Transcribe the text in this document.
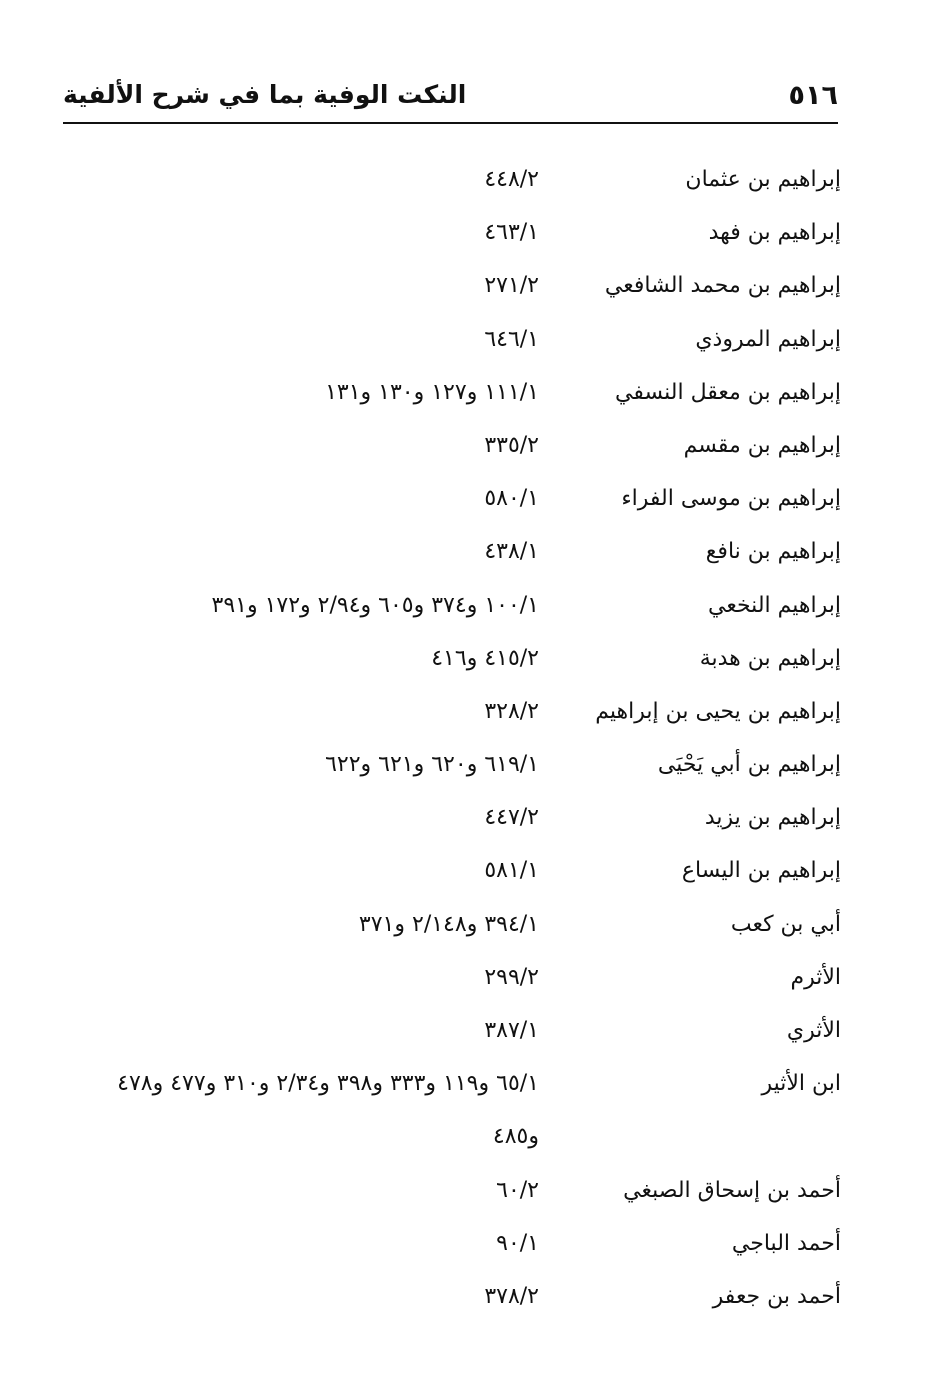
٥١٦
النكت الوفية بما في شرح الألفية
إبراهيم بن عثمان
٤٤٨/٢
إبراهيم بن فهد
٤٦٣/١
إبراهيم بن محمد الشافعي
٢٧١/٢
إبراهيم المروذي
٦٤٦/١
إبراهيم بن معقل النسفي
١١١/١ و١٢٧ و١٣٠ و١٣١
إبراهيم بن مقسم
٣٣٥/٢
إبراهيم بن موسى الفراء
٥٨٠/١
إبراهيم بن نافع
٤٣٨/١
إبراهيم النخعي
١٠٠/١ و٣٧٤ و٦٠٥ و٢/٩٤ و١٧٢ و٣٩١
إبراهيم بن هدبة
٤١٥/٢ و٤١٦
إبراهيم بن يحيى بن إبراهيم
٣٢٨/٢
إبراهيم بن أبي يَحْيَى
٦١٩/١ و٦٢٠ و٦٢١ و٦٢٢
إبراهيم بن يزيد
٤٤٧/٢
إبراهيم بن اليساع
٥٨١/١
أبي بن كعب
٣٩٤/١ و٢/١٤٨ و٣٧١
الأثرم
٢٩٩/٢
الأثري
٣٨٧/١
ابن الأثير
٦٥/١ و١١٩ و٣٣٣ و٣٩٨ و٢/٣٤ و٣١٠ و٤٧٧ و٤٧٨
و٤٨٥
أحمد بن إسحاق الصبغي
٦٠/٢
أحمد الباجي
٩٠/١
أحمد بن جعفر
٣٧٨/٢
